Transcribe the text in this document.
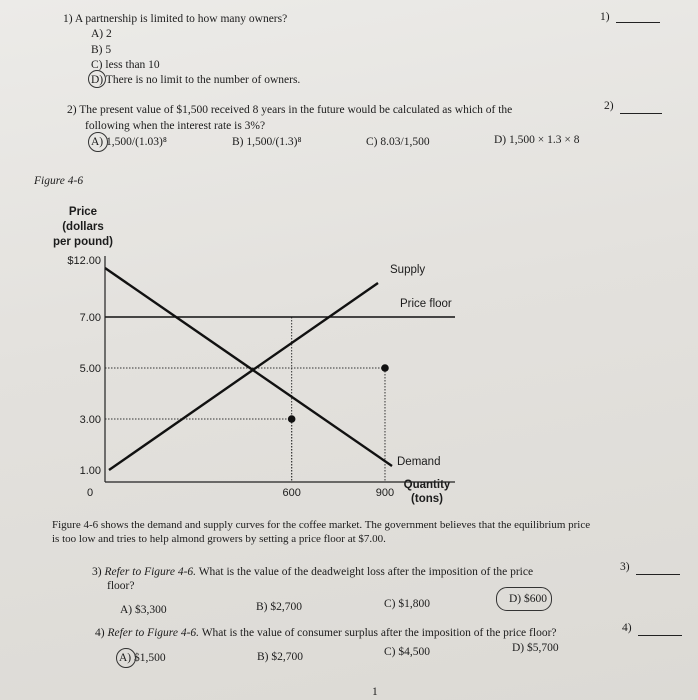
1) A partnership is limited to how many owners?	1)
A) 2
B) 5
C) less than 10
D) There is no limit to the number of owners.
2) The present value of $1,500 received 8 years in the future would be calculated as which of the
following when the interest rate is 3%?
2)
A) 1,500/(1.03)⁸	B) 1,500/(1.3)⁸	C) 8.03/1,500	D) 1,500 × 1.3 × 8
Figure 4-6
Price
(dollars
per pound)
$12.00
7.00
5.00
3.00
1.00
0	600	900
Quantity
(tons)
Supply
Price floor
Demand
Figure 4-6 shows the demand and supply curves for the coffee market. The government believes that the equilibrium price
is too low and tries to help almond growers by setting a price floor at $7.00.
3) Refer to Figure 4-6. What is the value of the deadweight loss after the imposition of the price
floor?
3)
A) $3,300	B) $2,700	C) $1,800	D) $600
4) Refer to Figure 4-6. What is the value of consumer surplus after the imposition of the price floor?	4)
A) $1,500	B) $2,700	C) $4,500	D) $5,700
1
